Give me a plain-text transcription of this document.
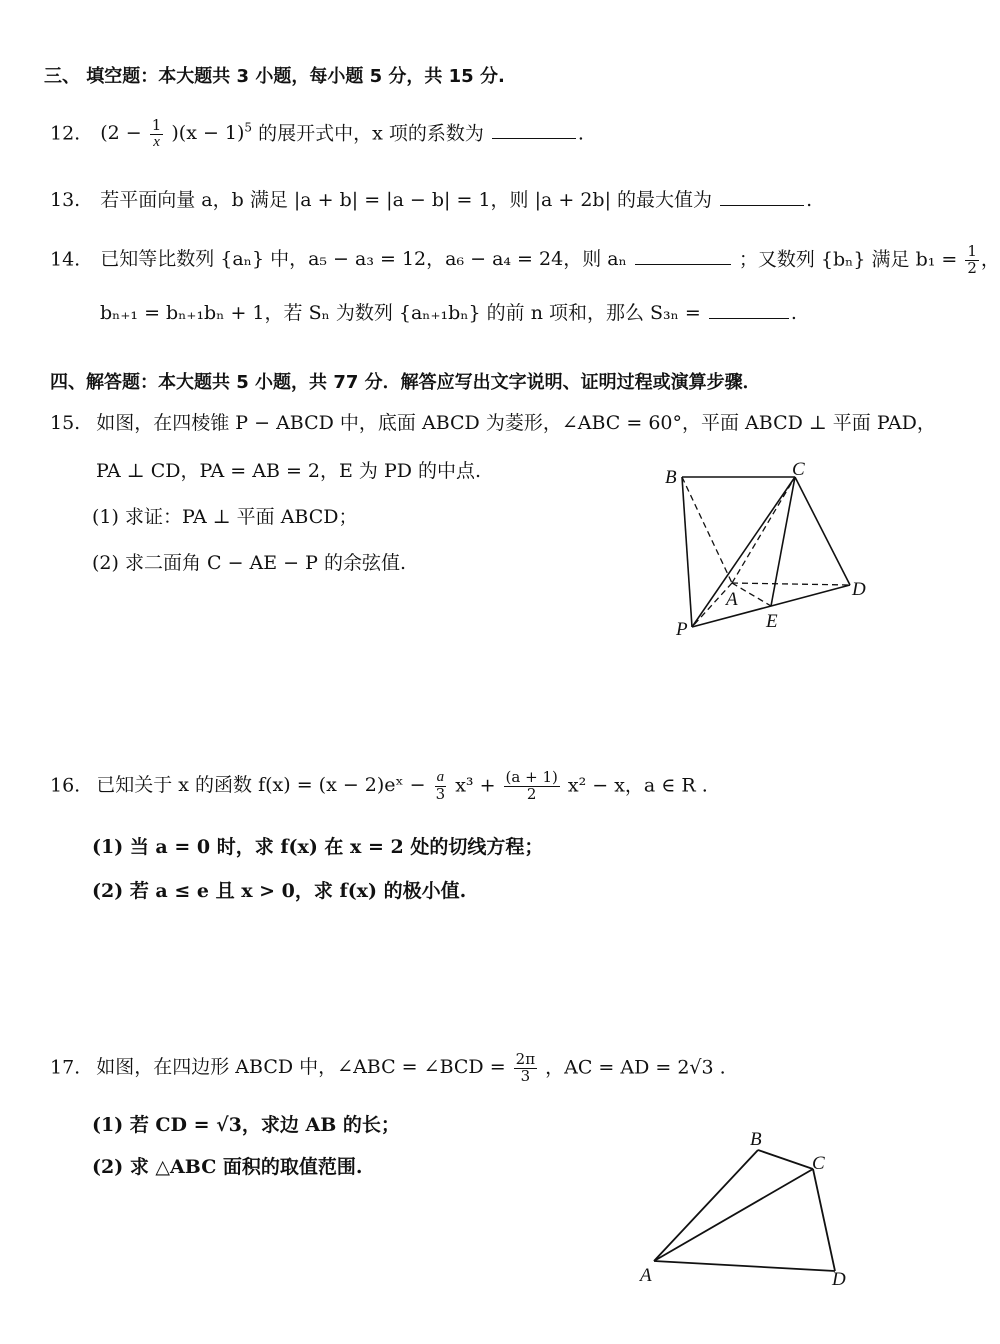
三、 填空题：本大题共 3 小题，每小题 5 分，共 15 分.
12. $(2 - \frac{1}{x} )(x - 1)^5$ 的展开式中，x 项的系数为	.
13. 若平面向量 a，b 满足 |a + b| = |a − b| = 1，则 |a + 2b| 的最大值为	.
14. 已知等比数列 {aₙ} 中，a₅ − a₃ = 12，a₆ − a₄ = 24，则 aₙ	；又数列 {bₙ} 满足 $b_1 = \frac{1}{2}$ ，
bₙ₊₁ = bₙ₊₁bₙ + 1，若 Sₙ 为数列 {aₙ₊₁bₙ} 的前 n 项和，那么 S₃ₙ =	.
四、解答题：本大题共 5 小题，共 77 分．解答应写出文字说明、证明过程或演算步骤．
15. 如图，在四棱锥 P − ABCD 中，底面 ABCD 为菱形，∠ABC = 60°，平面 ABCD ⊥ 平面 PAD，
PA ⊥ CD，PA = AB = 2，E 为 PD 的中点.
(1) 求证：PA ⊥ 平面 ABCD；
(2) 求二面角 C − AE − P 的余弦值.
B	C
D
A
E
P
16. 已知关于 x 的函数 f(x) = (x − 2)eˣ − $\frac{a}{3} x^3 + \frac{(a + 1)}{2} x^2 - x$，a ∈ R .
(1) 当 a = 0 时，求 f(x) 在 x = 2 处的切线方程；
(2) 若 a ≤ e 且 x > 0，求 f(x) 的极小值.
17. 如图，在四边形 ABCD 中，∠ABC = ∠BCD = $\frac{2\pi}{3}$ ，AC = AD = 2√3 .
(1) 若 CD = √3，求边 AB 的长；
(2) 求 △ABC 面积的取值范围.
A
B
C
D
